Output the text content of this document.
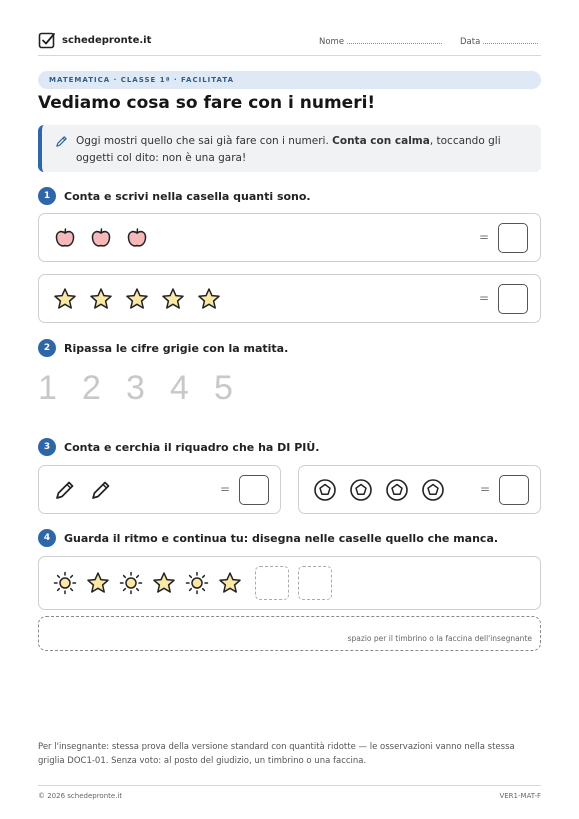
schedepronte.it	Nome	Data
MATEMATICA · CLASSE 1ª · FACILITATA
Vediamo cosa so fare con i numeri!
Oggi mostri quello che sai già fare con i numeri. Conta con calma, toccando gli oggetti col dito: non è una gara!
1	Conta e scrivi nella casella quanti sono.
=
=
2	Ripassa le cifre grigie con la matita.
1 2 3 4 5
3	Conta e cerchia il riquadro che ha DI PIÙ.
=	=
4	Guarda il ritmo e continua tu: disegna nelle caselle quello che manca.
spazio per il timbrino o la faccina dell'insegnante
Per l'insegnante: stessa prova della versione standard con quantità ridotte — le osservazioni vanno nella stessa griglia DOC1-01. Senza voto: al posto del giudizio, un timbrino o una faccina.
© 2026 schedepronte.it	VER1-MAT-F
